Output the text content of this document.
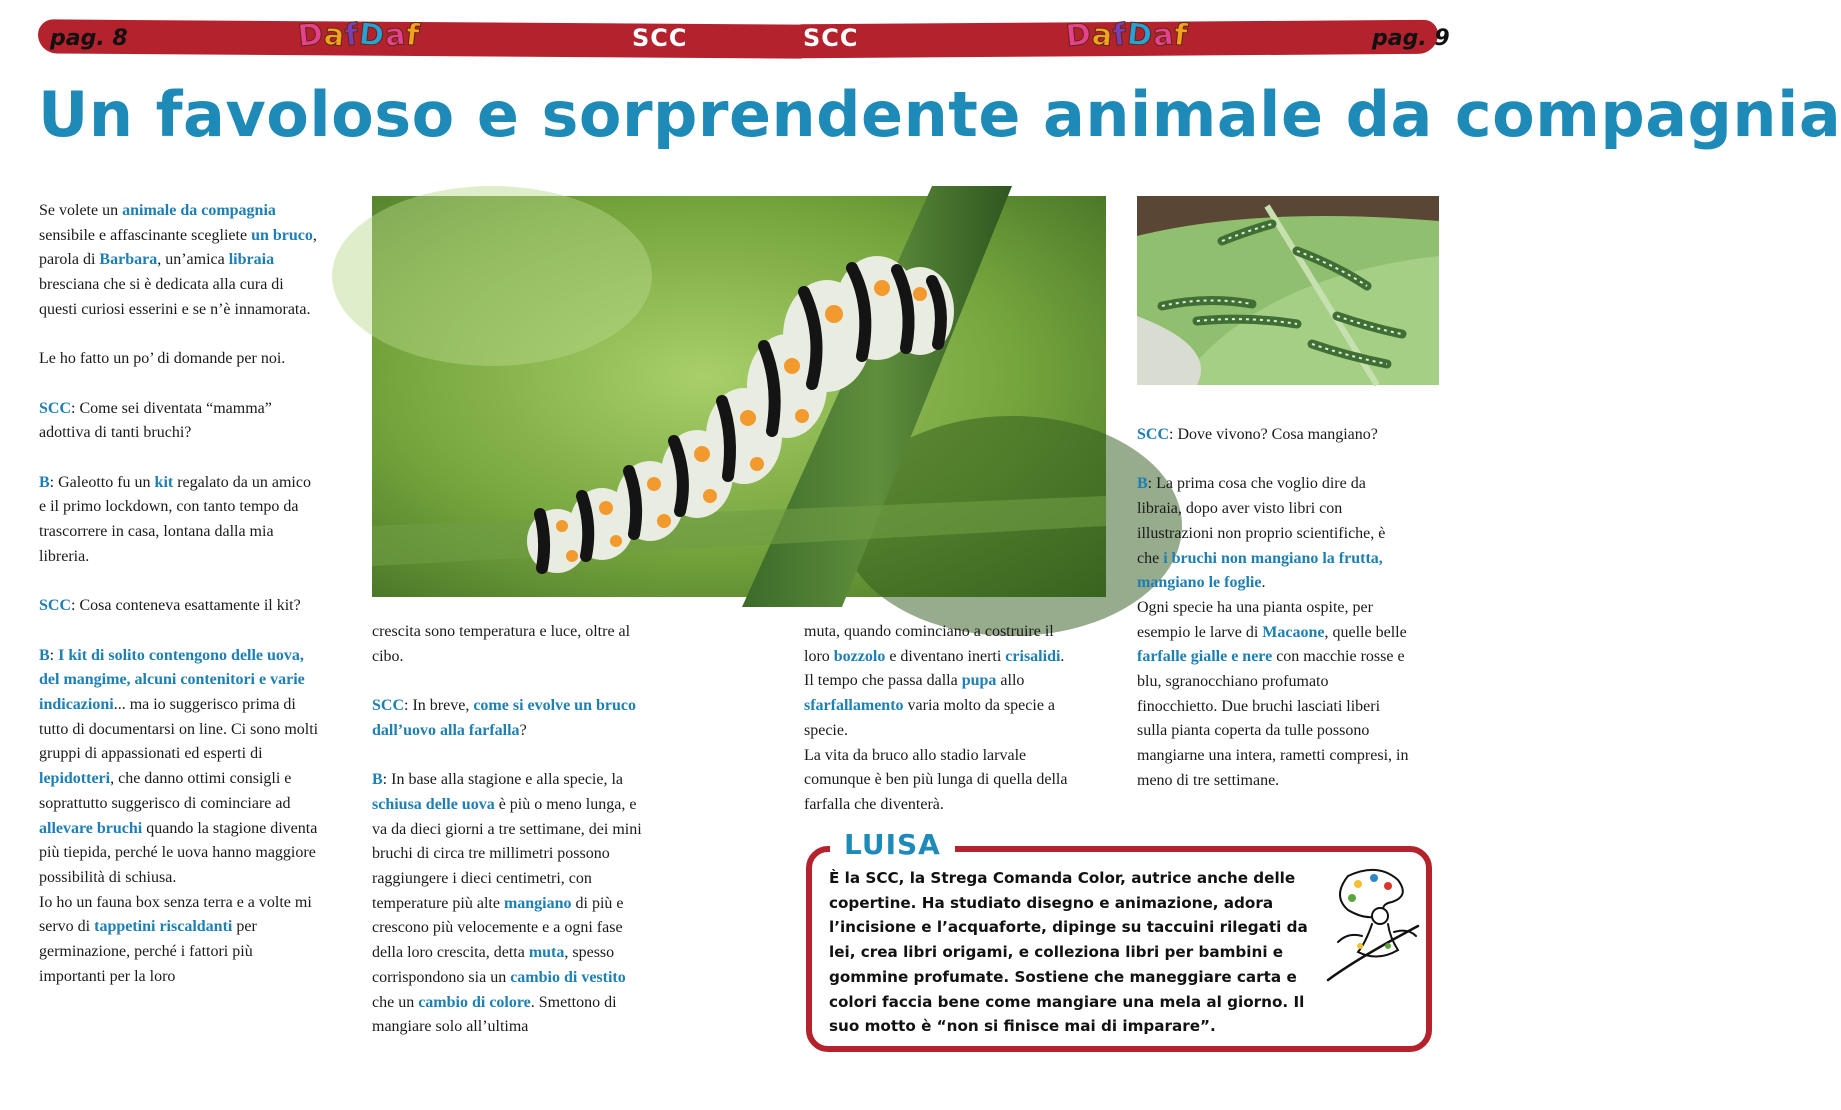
pag. 8	pag. 9
SCC	SCC
D
a
f
D
a
f	D
a
f
D
a
f
Un favoloso e sorprendente animale da compagnia

Se volete un animale da compagnia sensibile e affascinante scegliete un bruco, parola di Barbara, un’amica libraia bresciana che si è dedicata alla cura di questi curiosi esserini e se n’è innamorata.

Le ho fatto un po’ di domande per noi.

SCC: Come sei diventata “mamma” adottiva di tanti bruchi?

B: Galeotto fu un kit regalato da un amico e il primo lockdown, con tanto tempo da trascorrere in casa, lontana dalla mia libreria.

SCC: Cosa conteneva esattamente il kit?

B: I kit di solito contengono delle uova, del mangime, alcuni contenitori e varie indicazioni... ma io suggerisco prima di tutto di documentarsi on line. Ci sono molti gruppi di appassionati ed esperti di lepidotteri, che danno ottimi consigli e soprattutto suggerisco di cominciare ad allevare bruchi quando la stagione diventa più tiepida, perché le uova hanno maggiore possibilità di schiusa.

Io ho un fauna box senza terra e a volte mi servo di tappetini riscaldanti per germinazione, perché i fattori più importanti per la loro

crescita sono temperatura e luce, oltre al cibo.

SCC: In breve, come si evolve un bruco dall’uovo alla farfalla?

B: In base alla stagione e alla specie, la schiusa delle uova è più o meno lunga, e va da dieci giorni a tre settimane, dei mini bruchi di circa tre millimetri possono raggiungere i dieci centimetri, con temperature più alte mangiano di più e crescono più velocemente e a ogni fase della loro crescita, detta muta, spesso corrispondono sia un cambio di vestito che un cambio di colore. Smettono di mangiare solo all’ultima

muta, quando cominciano a costruire il loro bozzolo e diventano inerti crisalidi. Il tempo che passa dalla pupa allo sfarfallamento varia molto da specie a specie.

La vita da bruco allo stadio larvale comunque è ben più lunga di quella della farfalla che diventerà.

SCC: Dove vivono? Cosa mangiano?

B: La prima cosa che voglio dire da libraia, dopo aver visto libri con illustrazioni non proprio scientifiche, è che i bruchi non mangiano la frutta, mangiano le foglie.

Ogni specie ha una pianta ospite, per esempio le larve di Macaone, quelle belle farfalle gialle e nere con macchie rosse e blu, sgranocchiano profumato finocchietto. Due bruchi lasciati liberi sulla pianta coperta da tulle possono mangiarne una intera, rametti compresi, in meno di tre settimane.

LUISA
È la SCC, la Strega Comanda Color, autrice anche delle copertine. Ha studiato disegno e animazione, adora l’incisione e l’acquaforte, dipinge su taccuini rilegati da lei, crea libri origami, e colleziona libri per bambini e gommine profumate. Sostiene che maneggiare carta e colori faccia bene come mangiare una mela al giorno. Il suo motto è “non si finisce mai di imparare”.
